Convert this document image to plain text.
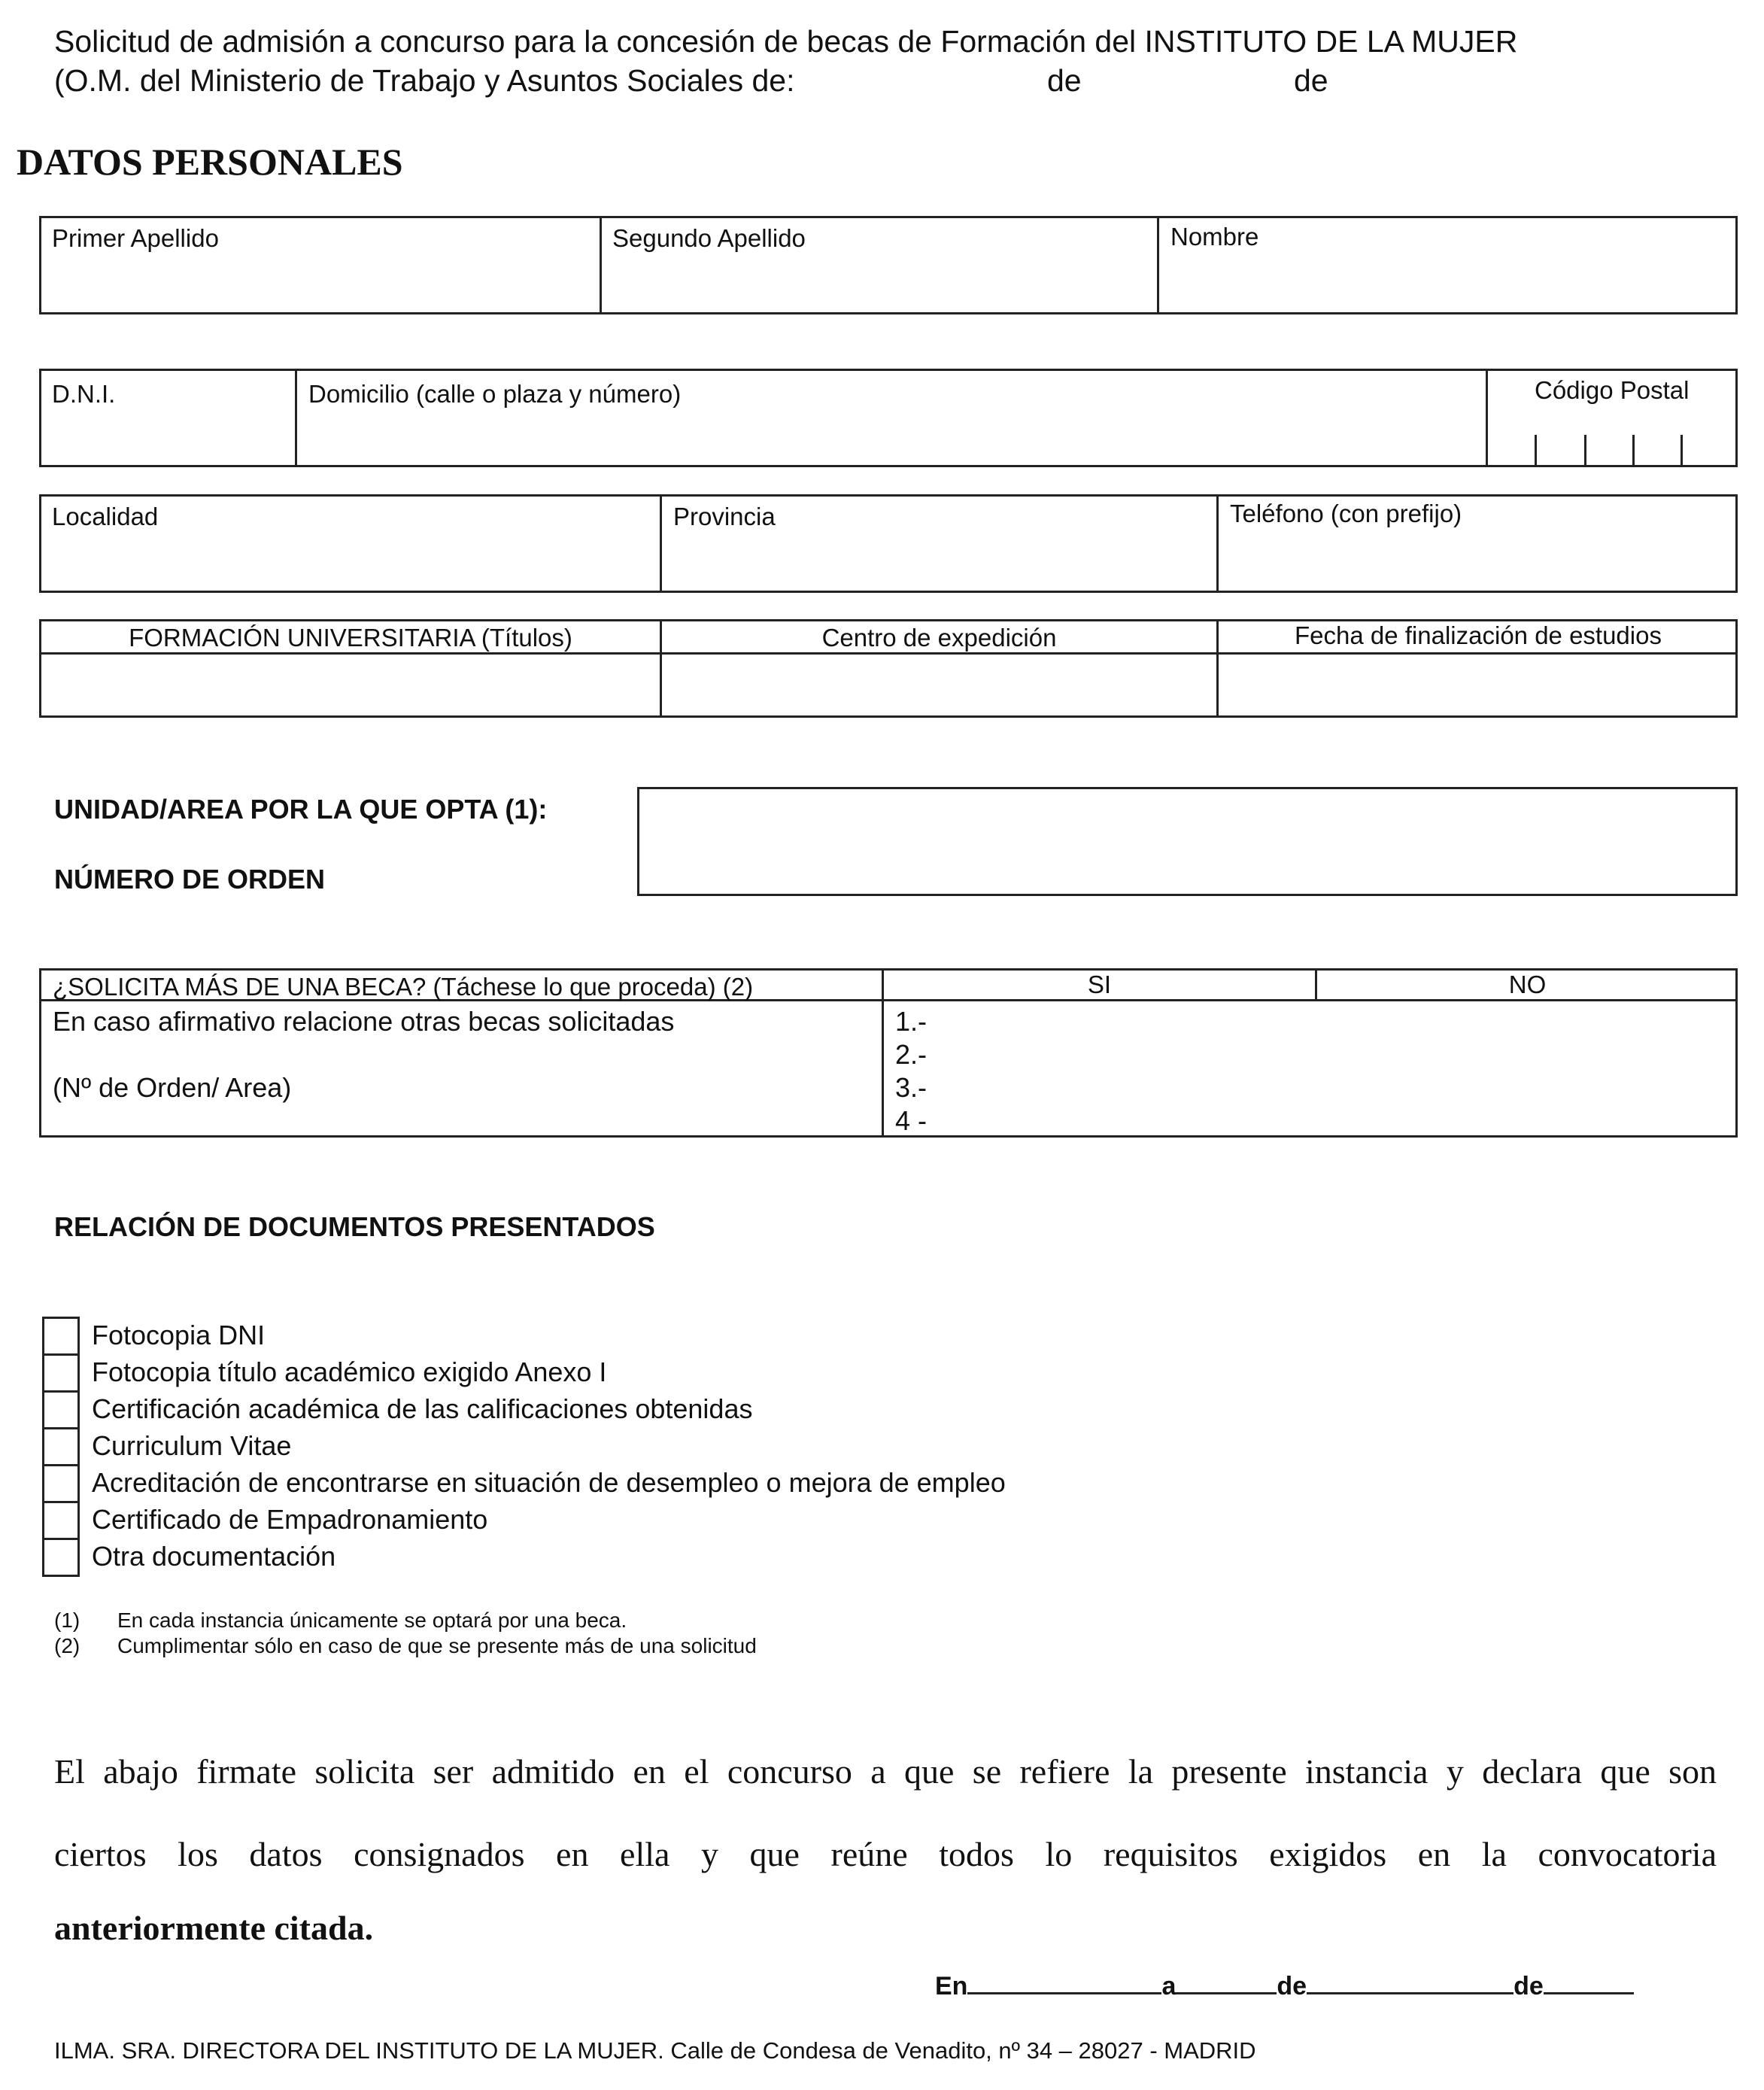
Solicitud de admisión a concurso para la concesión de becas de Formación del INSTITUTO DE LA MUJER
(O.M. del Ministerio de Trabajo y Asuntos Sociales de:	de	de
DATOS PERSONALES
Primer Apellido	Segundo Apellido	Nombre
D.N.I.	Domicilio (calle o plaza y número)	Código Postal
Localidad	Provincia	Teléfono (con prefijo)
FORMACIÓN UNIVERSITARIA (Títulos)	Centro de expedición	Fecha de finalización de estudios
UNIDAD/AREA POR LA QUE OPTA (1):
NÚMERO DE ORDEN
¿SOLICITA MÁS DE UNA BECA? (Táchese lo que proceda) (2)	SI	NO
En caso afirmativo relacione otras becas solicitadas
(Nº de Orden/ Area)
1.-
2.-
3.-
4 -
RELACIÓN DE DOCUMENTOS PRESENTADOS
Fotocopia DNI
Fotocopia título académico exigido Anexo I
Certificación académica de las calificaciones obtenidas
Curriculum Vitae
Acreditación de encontrarse en situación de desempleo o mejora de empleo
Certificado de Empadronamiento
Otra documentación
(1) En cada instancia únicamente se optará por una beca.
(2) Cumplimentar sólo en caso de que se presente más de una solicitud
El abajo firmate solicita ser admitido en el concurso a que se refiere la presente instancia y declara que son
ciertos los datos consignados en ella y que reúne todos lo requisitos exigidos en la convocatoria
anteriormente citada.
En	a	de	de
ILMA. SRA. DIRECTORA DEL INSTITUTO DE LA MUJER. Calle de Condesa de Venadito, nº 34 – 28027 - MADRID
